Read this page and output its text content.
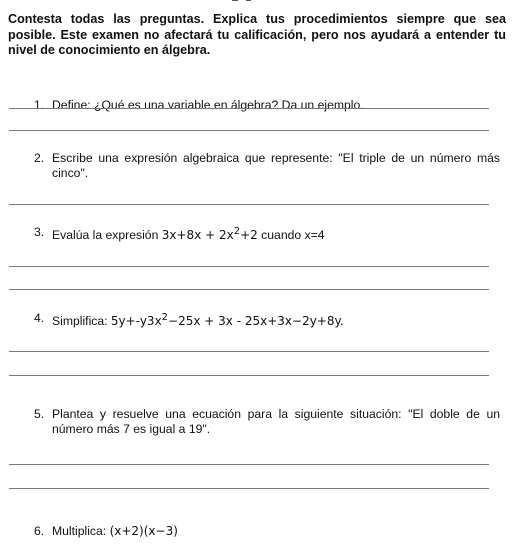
Contesta todas las preguntas. Explica tus procedimientos siempre que sea posible. Este examen no afectará tu calificación, pero nos ayudará a entender tu nivel de conocimiento en álgebra.
1. Define: ¿Qué es una variable en álgebra? Da un ejemplo.
2. Escribe una expresión algebraica que represente: "El triple de un número más cinco".
3. Evalúa la expresión $3x+8x + 2x^2+2$ cuando x=4
4. Simplifica: $5y+-y3x^2-25x + 3x - 25x+3x-2y+8y$.
5. Plantea y resuelve una ecuación para la siguiente situación: "El doble de un número más 7 es igual a 19".
6. Multiplica: (x+2)(x−3)
